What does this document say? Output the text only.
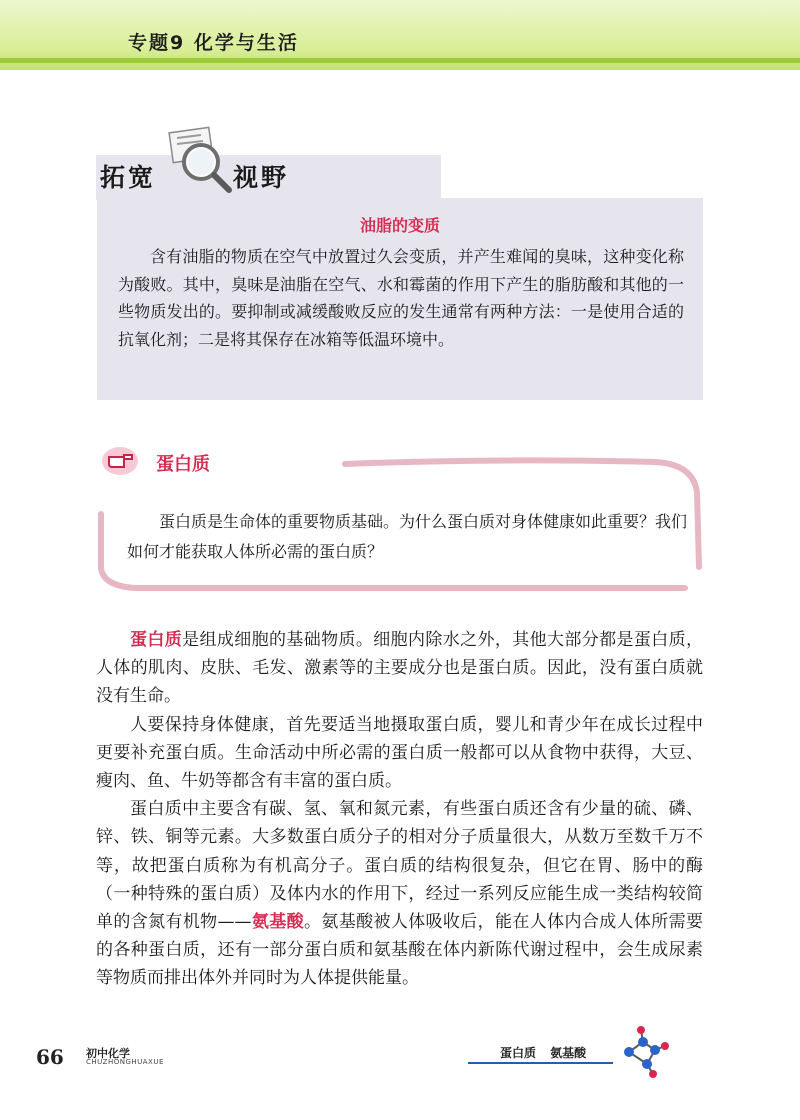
专题9 化学与生活
拓宽	视野
油脂的变质
含有油脂的物质在空气中放置过久会变质，并产生难闻的臭味，这种变化称为酸败。其中，臭味是油脂在空气、水和霉菌的作用下产生的脂肪酸和其他的一些物质发出的。要抑制或减缓酸败反应的发生通常有两种方法：一是使用合适的抗氧化剂；二是将其保存在冰箱等低温环境中。
蛋白质
蛋白质是生命体的重要物质基础。为什么蛋白质对身体健康如此重要？我们如何才能获取人体所必需的蛋白质？

蛋白质是组成细胞的基础物质。细胞内除水之外，其他大部分都是蛋白质，人体的肌肉、皮肤、毛发、激素等的主要成分也是蛋白质。因此，没有蛋白质就没有生命。

人要保持身体健康，首先要适当地摄取蛋白质，婴儿和青少年在成长过程中更要补充蛋白质。生命活动中所必需的蛋白质一般都可以从食物中获得，大豆、瘦肉、鱼、牛奶等都含有丰富的蛋白质。

蛋白质中主要含有碳、氢、氧和氮元素，有些蛋白质还含有少量的硫、磷、锌、铁、铜等元素。大多数蛋白质分子的相对分子质量很大，从数万至数千万不等，故把蛋白质称为有机高分子。蛋白质的结构很复杂，但它在胃、肠中的酶（一种特殊的蛋白质）及体内水的作用下，经过一系列反应能生成一类结构较简单的含氮有机物——氨基酸。氨基酸被人体吸收后，能在人体内合成人体所需要的各种蛋白质，还有一部分蛋白质和氨基酸在体内新陈代谢过程中，会生成尿素等物质而排出体外并同时为人体提供能量。

66 初中化学
CHUZHONGHUAXUE
蛋白质 氨基酸
